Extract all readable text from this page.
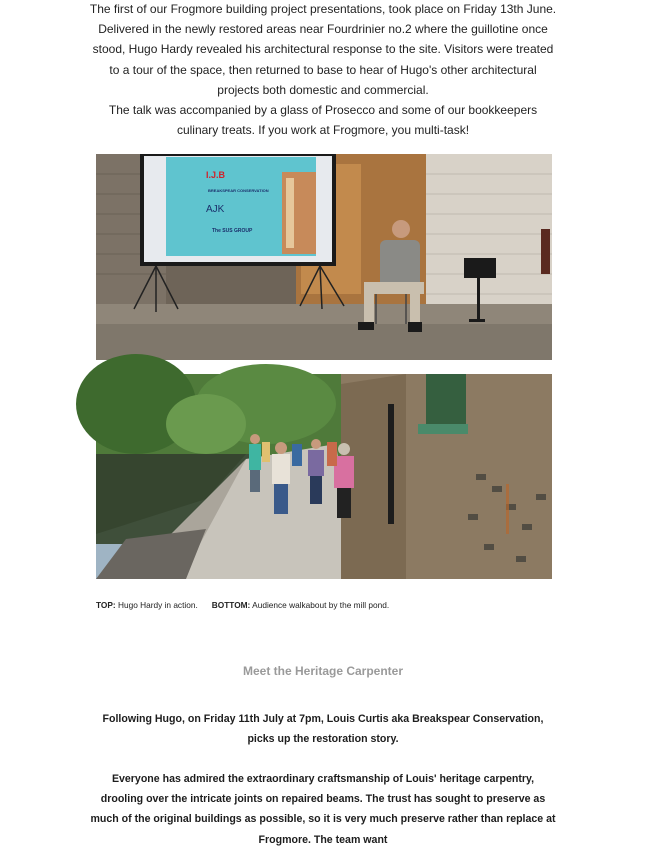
The first of our Frogmore building project presentations, took place on Friday 13th June. Delivered in the newly restored areas near Fourdrinier no.2 where the guillotine once stood, Hugo Hardy revealed his architectural response to the site. Visitors were treated to a tour of the space, then returned to base to hear of Hugo's other architectural projects both domestic and commercial.

The talk was accompanied by a glass of Prosecco and some of our bookkeepers culinary treats. If you work at Frogmore, you multi-task!

I.J.B
BREAKSPEAR CONSERVATION
AJK
The SUS GROUP
TOP: Hugo Hardy in action. BOTTOM: Audience walkabout by the mill pond.
Meet the Heritage Carpenter

Following Hugo, on Friday 11th July at 7pm, Louis Curtis aka Breakspear Conservation, picks up the restoration story.

Everyone has admired the extraordinary craftsmanship of Louis' heritage carpentry, drooling over the intricate joints on repaired beams. The trust has sought to preserve as much of the original buildings as possible, so it is very much preserve rather than replace at Frogmore. The team want
